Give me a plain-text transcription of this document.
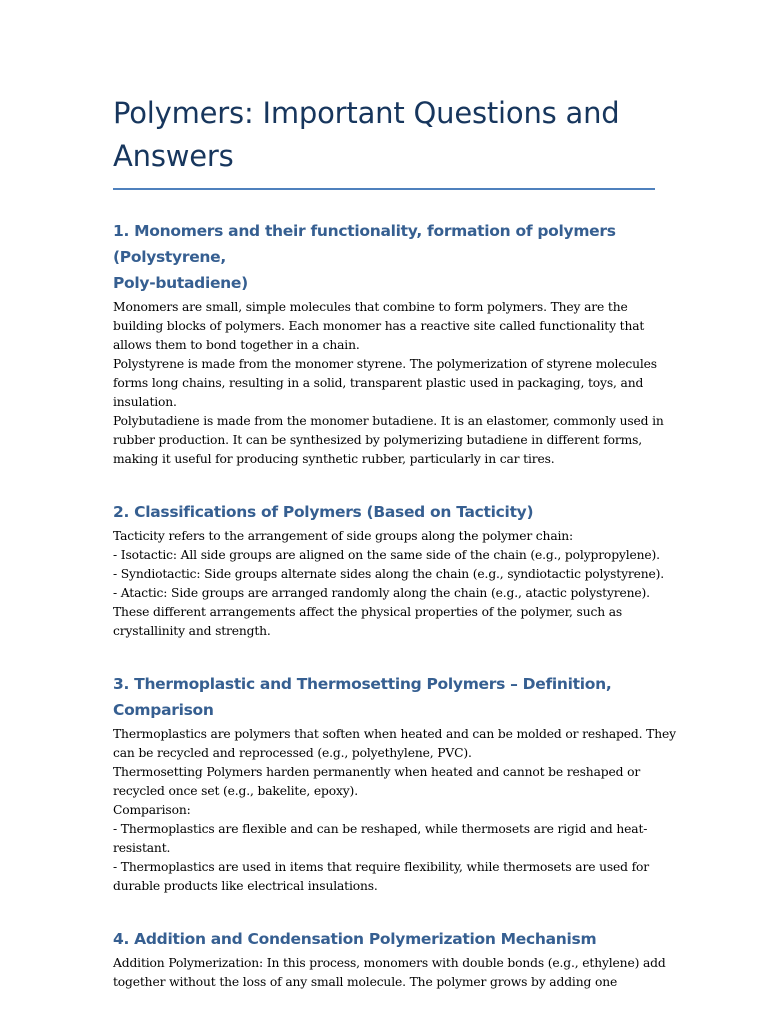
Polymers: Important Questions and
Answers
1. Monomers and their functionality, formation of polymers (Polystyrene,
Poly-butadiene)

Monomers are small, simple molecules that combine to form polymers. They are the

building blocks of polymers. Each monomer has a reactive site called functionality that

allows them to bond together in a chain.

Polystyrene is made from the monomer styrene. The polymerization of styrene molecules

forms long chains, resulting in a solid, transparent plastic used in packaging, toys, and

insulation.

Polybutadiene is made from the monomer butadiene. It is an elastomer, commonly used in

rubber production. It can be synthesized by polymerizing butadiene in different forms,

making it useful for producing synthetic rubber, particularly in car tires.

2. Classifications of Polymers (Based on Tacticity)

Tacticity refers to the arrangement of side groups along the polymer chain:

- Isotactic: All side groups are aligned on the same side of the chain (e.g., polypropylene).

- Syndiotactic: Side groups alternate sides along the chain (e.g., syndiotactic polystyrene).

- Atactic: Side groups are arranged randomly along the chain (e.g., atactic polystyrene).

These different arrangements affect the physical properties of the polymer, such as

crystallinity and strength.

3. Thermoplastic and Thermosetting Polymers – Definition, Comparison

Thermoplastics are polymers that soften when heated and can be molded or reshaped. They

can be recycled and reprocessed (e.g., polyethylene, PVC).

Thermosetting Polymers harden permanently when heated and cannot be reshaped or

recycled once set (e.g., bakelite, epoxy).

Comparison:

- Thermoplastics are flexible and can be reshaped, while thermosets are rigid and heat-

resistant.

- Thermoplastics are used in items that require flexibility, while thermosets are used for

durable products like electrical insulations.

4. Addition and Condensation Polymerization Mechanism

Addition Polymerization: In this process, monomers with double bonds (e.g., ethylene) add

together without the loss of any small molecule. The polymer grows by adding one
